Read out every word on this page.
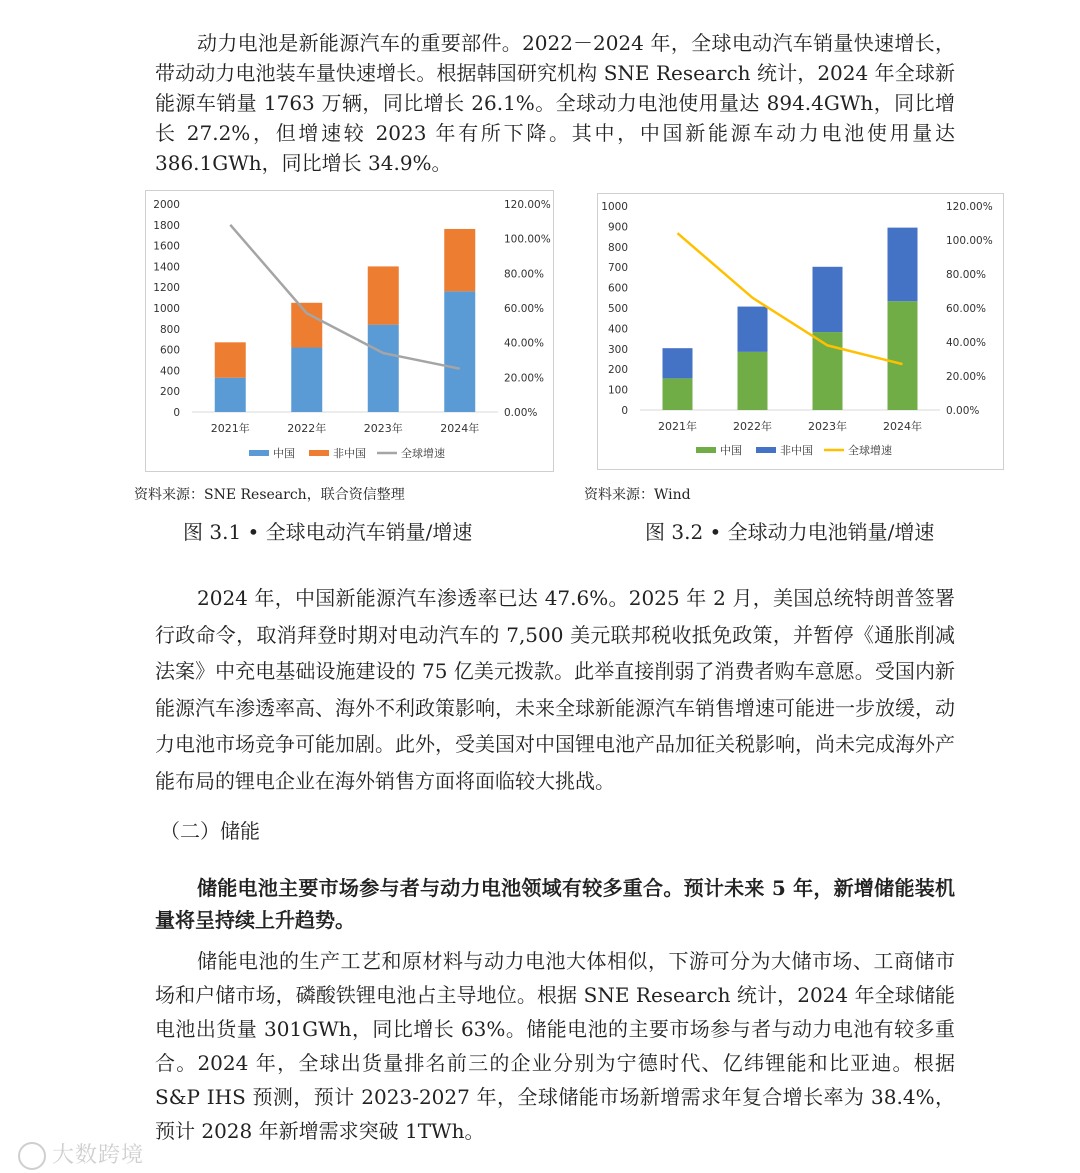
动力电池是新能源汽车的重要部件。2022－2024 年，全球电动汽车销量快速增长，带动动力电池装车量快速增长。根据韩国研究机构 SNE Research 统计，2024 年全球新能源车销量 1763 万辆，同比增长 26.1%。全球动力电池使用量达 894.4GWh，同比增长 27.2%，但增速较 2023 年有所下降。其中，中国新能源车动力电池使用量达 386.1GWh，同比增长 34.9%。

0
200
400
600
800
1000
1200
1400
1600
1800
2000
0.00%
20.00%
40.00%
60.00%
80.00%
100.00%
120.00%
2021年	2022年	2023年	2024年
中国	非中国	全球增速
0
100
200
300
400
500
600
700
800
900
1000
0.00%
20.00%
40.00%
60.00%
80.00%
100.00%
120.00%
2021年	2022年	2023年	2024年
中国	非中国	全球增速
资料来源：SNE Research，联合资信整理	资料来源：Wind
图 3.1 • 全球电动汽车销量/增速	图 3.2 • 全球动力电池销量/增速

2024 年，中国新能源汽车渗透率已达 47.6%。2025 年 2 月，美国总统特朗普签署行政命令，取消拜登时期对电动汽车的 7,500 美元联邦税收抵免政策，并暂停《通胀削减法案》中充电基础设施建设的 75 亿美元拨款。此举直接削弱了消费者购车意愿。受国内新能源汽车渗透率高、海外不利政策影响，未来全球新能源汽车销售增速可能进一步放缓，动力电池市场竞争可能加剧。此外，受美国对中国锂电池产品加征关税影响，尚未完成海外产能布局的锂电企业在海外销售方面将面临较大挑战。

（二）储能

储能电池主要市场参与者与动力电池领域有较多重合。预计未来 5 年，新增储能装机量将呈持续上升趋势。

储能电池的生产工艺和原材料与动力电池大体相似，下游可分为大储市场、工商储市场和户储市场，磷酸铁锂电池占主导地位。根据 SNE Research 统计，2024 年全球储能电池出货量 301GWh，同比增长 63%。储能电池的主要市场参与者与动力电池有较多重合。2024 年，全球出货量排名前三的企业分别为宁德时代、亿纬锂能和比亚迪。根据 S&P IHS 预测，预计 2023-2027 年，全球储能市场新增需求年复合增长率为 38.4%，预计 2028 年新增需求突破 1TWh。

大数跨境
